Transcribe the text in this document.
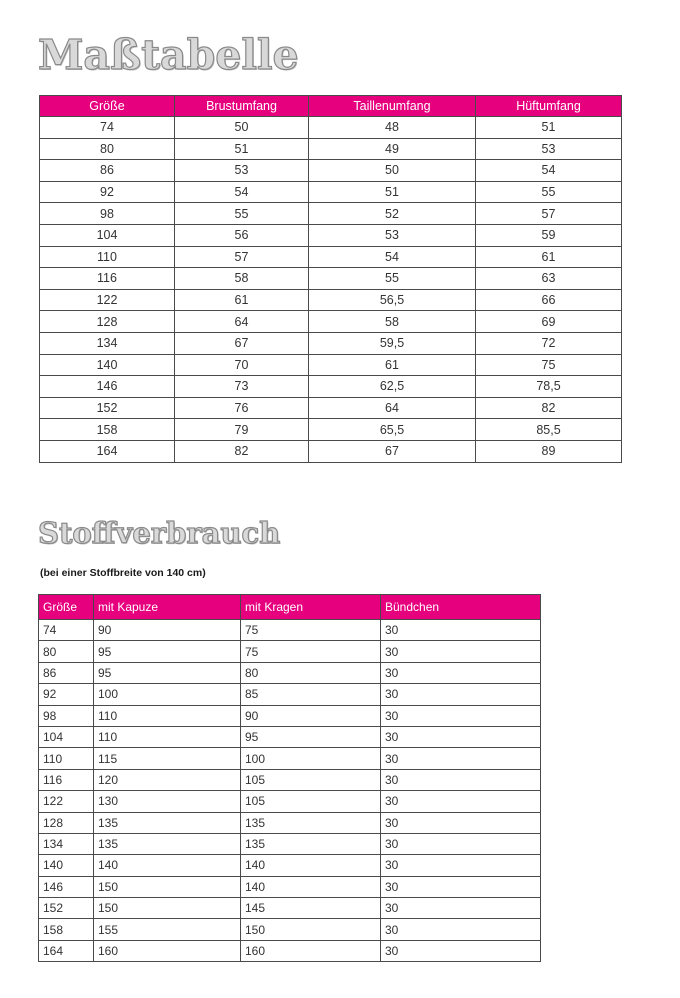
Maßtabelle
Größe	Brustumfang	Taillenumfang	Hüftumfang
74	50	48	51
80	51	49	53
86	53	50	54
92	54	51	55
98	55	52	57
104	56	53	59
110	57	54	61
116	58	55	63
122	61	56,5	66
128	64	58	69
134	67	59,5	72
140	70	61	75
146	73	62,5	78,5
152	76	64	82
158	79	65,5	85,5
164	82	67	89
Stoffverbrauch
(bei einer Stoffbreite von 140 cm)
Größe	mit Kapuze	mit Kragen	Bündchen
74	90	75	30
80	95	75	30
86	95	80	30
92	100	85	30
98	110	90	30
104	110	95	30
110	115	100	30
116	120	105	30
122	130	105	30
128	135	135	30
134	135	135	30
140	140	140	30
146	150	140	30
152	150	145	30
158	155	150	30
164	160	160	30
